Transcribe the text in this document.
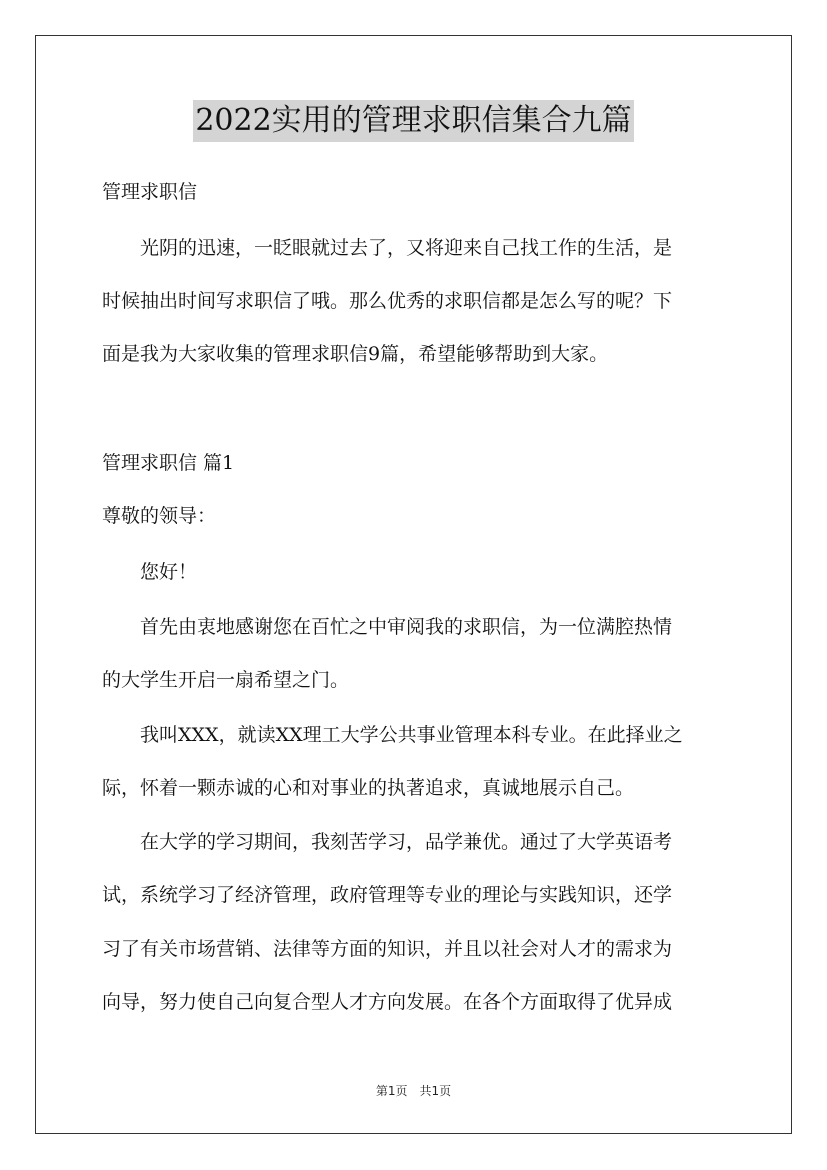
2022实用的管理求职信集合九篇

管理求职信

　　光阴的迅速，一眨眼就过去了，又将迎来自己找工作的生活，是

时候抽出时间写求职信了哦。那么优秀的求职信都是怎么写的呢？下

面是我为大家收集的管理求职信9篇，希望能够帮助到大家。

管理求职信 篇1

尊敬的领导：

　　您好！

　　首先由衷地感谢您在百忙之中审阅我的求职信，为一位满腔热情

的大学生开启一扇希望之门。

　　我叫XXX，就读XX理工大学公共事业管理本科专业。在此择业之

际，怀着一颗赤诚的心和对事业的执著追求，真诚地展示自己。

　　在大学的学习期间，我刻苦学习，品学兼优。通过了大学英语考

试，系统学习了经济管理，政府管理等专业的理论与实践知识，还学

习了有关市场营销、法律等方面的知识，并且以社会对人才的需求为

向导，努力使自己向复合型人才方向发展。在各个方面取得了优异成

第1页　共1页
